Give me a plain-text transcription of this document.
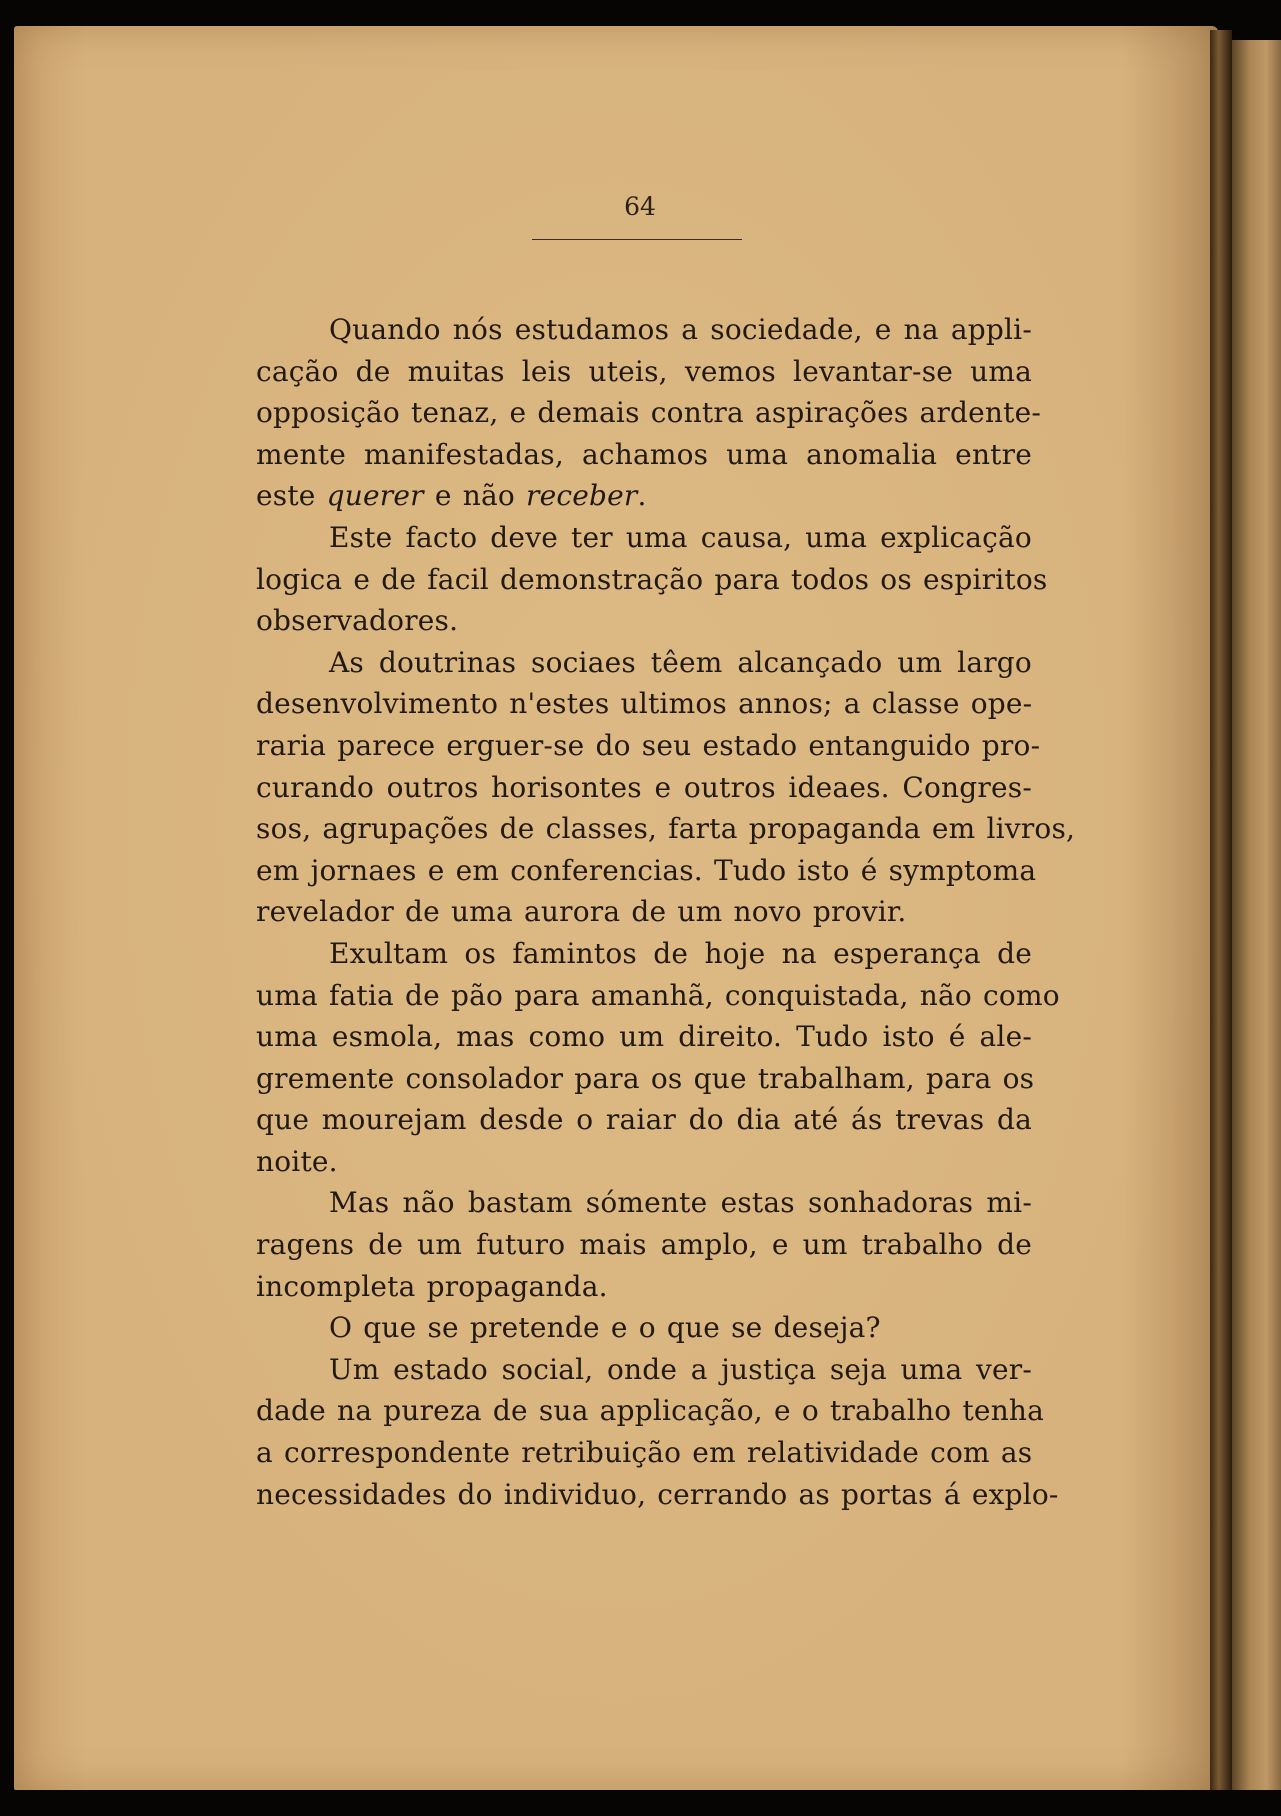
64
Quando nós estudamos a sociedade, e na appli-
cação de muitas leis uteis, vemos levantar-se uma
opposição tenaz, e demais contra aspirações ardente-
mente manifestadas, achamos uma anomalia entre
este querer e não receber.
Este facto deve ter uma causa, uma explicação
logica e de facil demonstração para todos os espiritos
observadores.
As doutrinas sociaes têem alcançado um largo
desenvolvimento n'estes ultimos annos; a classe ope-
raria parece erguer-se do seu estado entanguido pro-
curando outros horisontes e outros ideaes. Congres-
sos, agrupações de classes, farta propaganda em livros,
em jornaes e em conferencias. Tudo isto é symptoma
revelador de uma aurora de um novo provir.
Exultam os famintos de hoje na esperança de
uma fatia de pão para amanhã, conquistada, não como
uma esmola, mas como um direito. Tudo isto é ale-
gremente consolador para os que trabalham, para os
que mourejam desde o raiar do dia até ás trevas da
noite.
Mas não bastam sómente estas sonhadoras mi-
ragens de um futuro mais amplo, e um trabalho de
incompleta propaganda.
O que se pretende e o que se deseja?
Um estado social, onde a justiça seja uma ver-
dade na pureza de sua applicação, e o trabalho tenha
a correspondente retribuição em relatividade com as
necessidades do individuo, cerrando as portas á explo-
